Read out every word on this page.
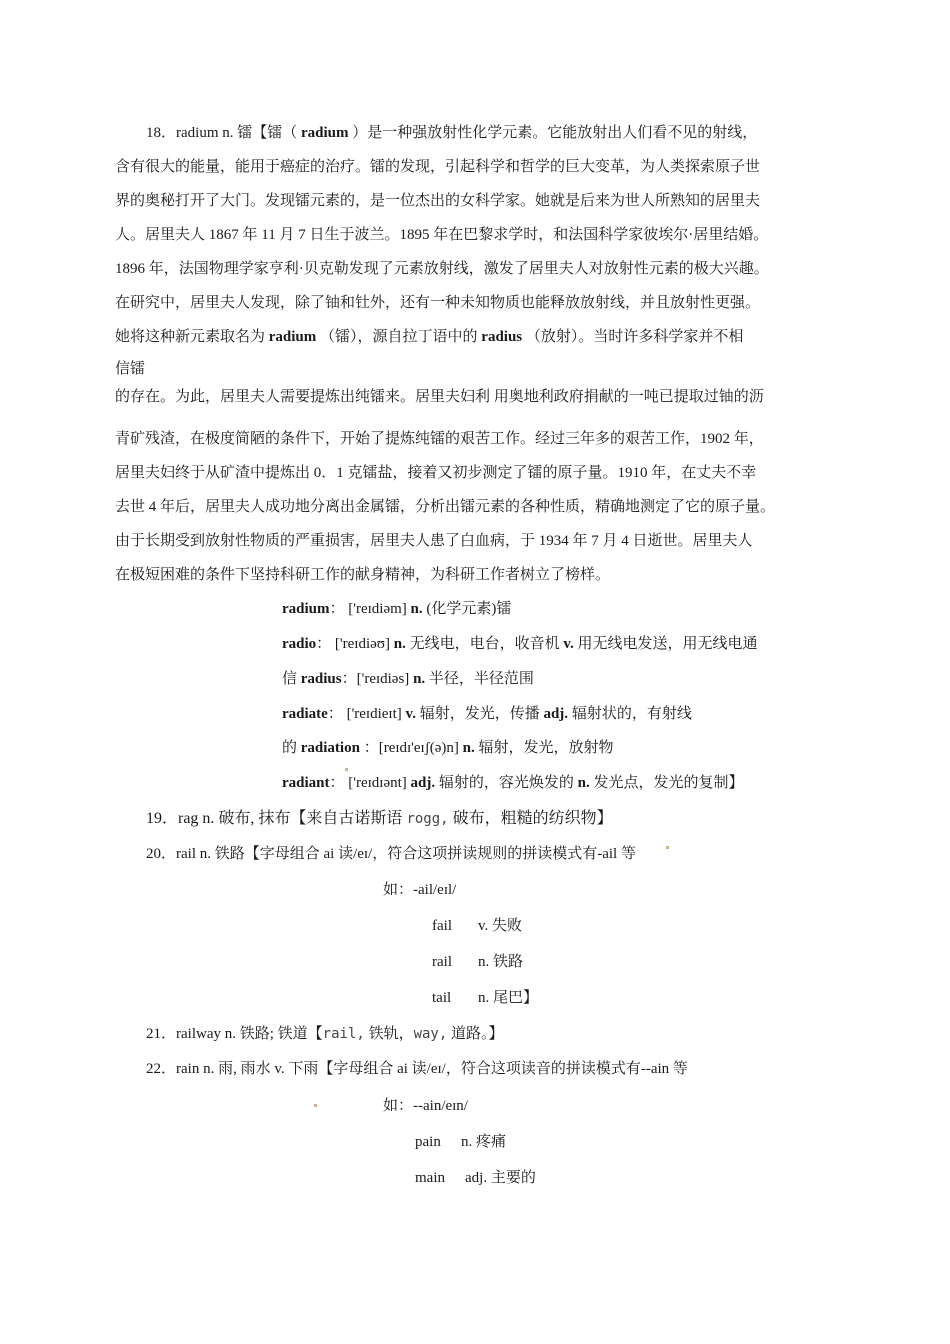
18．radium n. 镭【镭（ radium ）是一种强放射性化学元素。它能放射出人们看不见的射线，
含有很大的能量，能用于癌症的治疗。镭的发现，引起科学和哲学的巨大变革，为人类探索原子世
界的奥秘打开了大门。发现镭元素的，是一位杰出的女科学家。她就是后来为世人所熟知的居里夫
人。居里夫人 1867 年 11 月 7 日生于波兰。1895 年在巴黎求学时，和法国科学家彼埃尔·居里结婚。
1896 年，法国物理学家亨利·贝克勒发现了元素放射线，激发了居里夫人对放射性元素的极大兴趣。
在研究中，居里夫人发现，除了铀和钍外，还有一种未知物质也能释放放射线，并且放射性更强。
她将这种新元素取名为 radium （镭），源自拉丁语中的 radius （放射）。当时许多科学家并不相
信镭
的存在。为此，居里夫人需要提炼出纯镭来。居里夫妇利 用奥地利政府捐献的一吨已提取过铀的沥
青矿残渣，在极度简陋的条件下，开始了提炼纯镭的艰苦工作。经过三年多的艰苦工作，1902 年，
居里夫妇终于从矿渣中提炼出 0．1 克镭盐，接着又初步测定了镭的原子量。1910 年，在丈夫不幸
去世 4 年后，居里夫人成功地分离出金属镭，分析出镭元素的各种性质，精确地测定了它的原子量。
由于长期受到放射性物质的严重损害，居里夫人患了白血病，于 1934 年 7 月 4 日逝世。居里夫人
在极短困难的条件下坚持科研工作的献身精神，为科研工作者树立了榜样。
radium： ['reɪdiəm] n. (化学元素)镭
radio： ['reɪdiəʊ] n. 无线电，电台，收音机 v. 用无线电发送，用无线电通
信 radius：['reɪdiəs] n. 半径，半径范围
radiate： ['reɪdieɪt] v. 辐射，发光，传播 adj. 辐射状的，有射线
的 radiation ：[reɪdɪ'eɪʃ(ə)n] n. 辐射，发光，放射物
radiant： ['reɪdɪənt] adj. 辐射的，容光焕发的 n. 发光点，发光的复制】
19．rag n. 破布, 抹布【来自古诺斯语 rogg, 破布，粗糙的纺织物】
20．rail n. 铁路【字母组合 ai 读/eɪ/，符合这项拼读规则的拼读模式有-ail 等
如：-ail/eɪl/
fail v. 失败
rail n. 铁路
tail n. 尾巴】
21．railway n. 铁路; 铁道【rail, 铁轨，way, 道路。】
22．rain n. 雨, 雨水 v. 下雨【字母组合 ai 读/eɪ/，符合这项读音的拼读模式有--ain 等
如：--ain/eɪn/
pain n. 疼痛
main adj. 主要的
